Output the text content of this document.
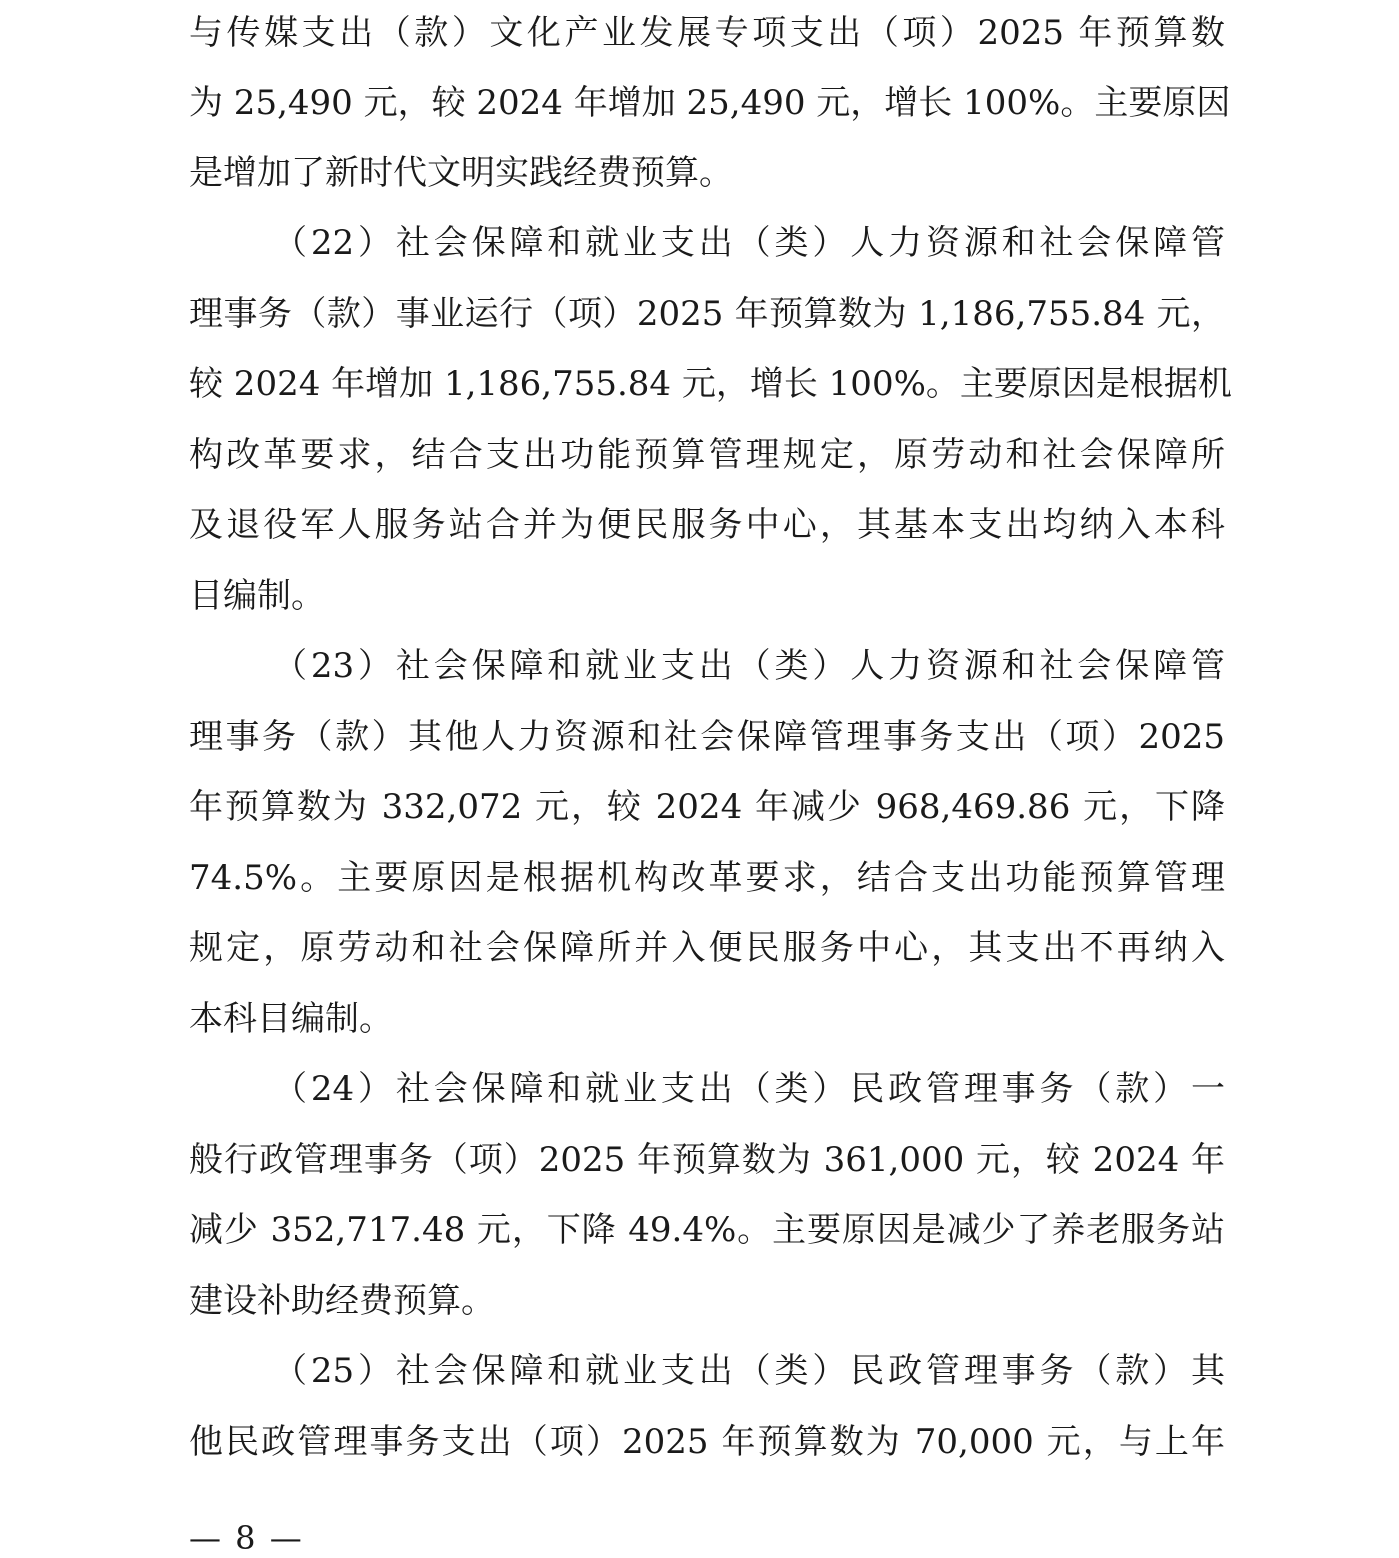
与传媒支出（款）文化产业发展专项支出（项）2025 年预算数
为 25,490 元，较 2024 年增加 25,490 元，增长 100%。主要原因
是增加了新时代文明实践经费预算。
（22）社会保障和就业支出（类）人力资源和社会保障管
理事务（款）事业运行（项）2025 年预算数为 1,186,755.84 元，
较 2024 年增加 1,186,755.84 元，增长 100%。主要原因是根据机
构改革要求，结合支出功能预算管理规定，原劳动和社会保障所
及退役军人服务站合并为便民服务中心，其基本支出均纳入本科
目编制。
（23）社会保障和就业支出（类）人力资源和社会保障管
理事务（款）其他人力资源和社会保障管理事务支出（项）2025
年预算数为 332,072 元，较 2024 年减少 968,469.86 元，下降
74.5%。主要原因是根据机构改革要求，结合支出功能预算管理
规定，原劳动和社会保障所并入便民服务中心，其支出不再纳入
本科目编制。
（24）社会保障和就业支出（类）民政管理事务（款）一
般行政管理事务（项）2025 年预算数为 361,000 元，较 2024 年
减少 352,717.48 元，下降 49.4%。主要原因是减少了养老服务站
建设补助经费预算。
（25）社会保障和就业支出（类）民政管理事务（款）其
他民政管理事务支出（项）2025 年预算数为 70,000 元，与上年
— 8 —
